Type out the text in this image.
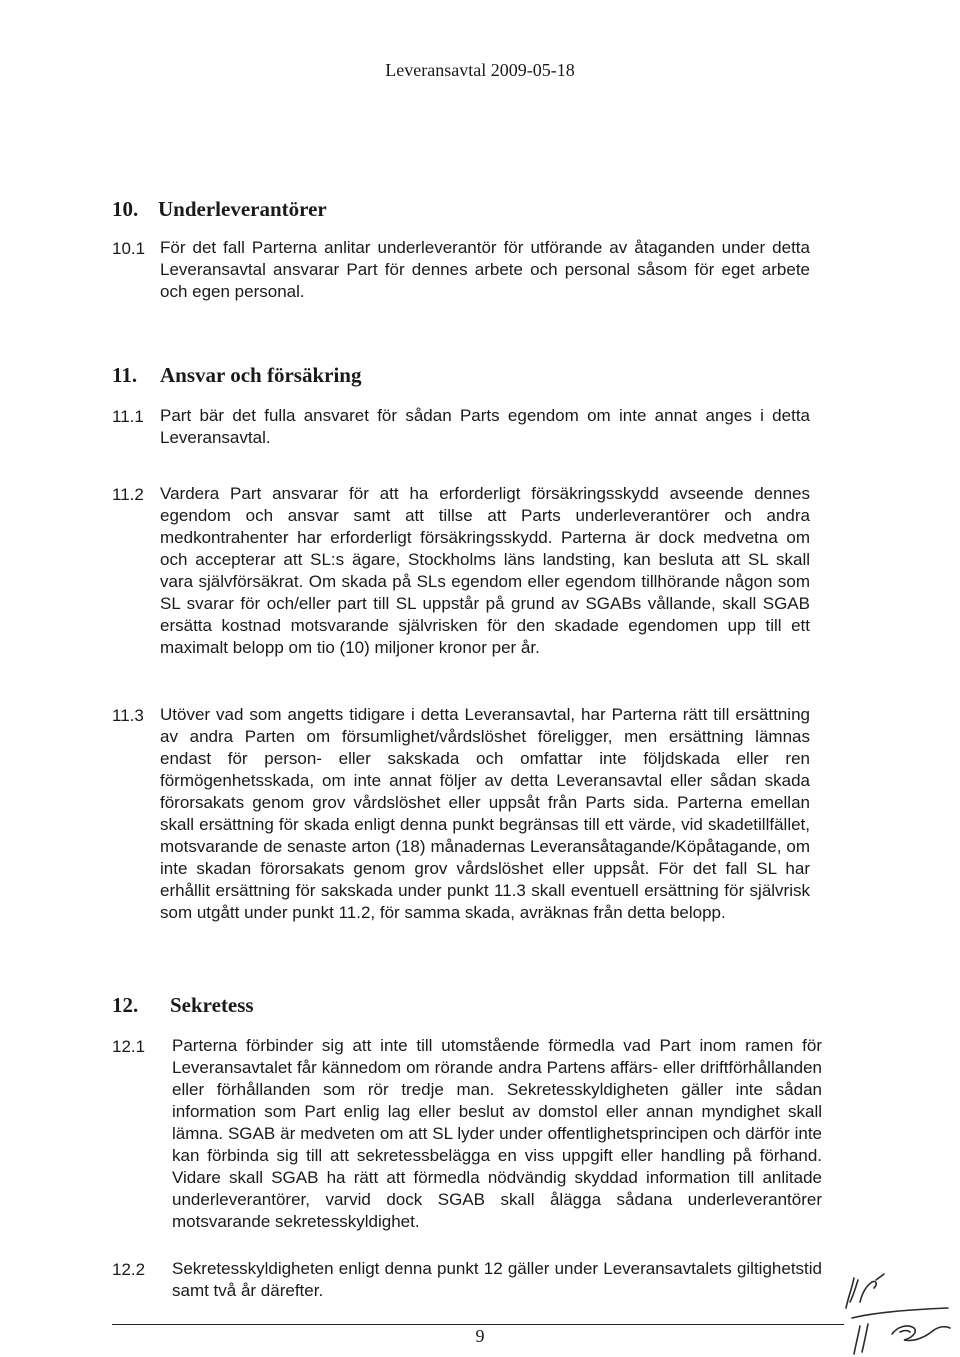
Leveransavtal 2009-05-18
10. Underleverantörer
10.1 För det fall Parterna anlitar underleverantör för utförande av åtaganden under detta Leveransavtal ansvarar Part för dennes arbete och personal såsom för eget arbete och egen personal.
11. Ansvar och försäkring
11.1 Part bär det fulla ansvaret för sådan Parts egendom om inte annat anges i detta Leveransavtal.
11.2 Vardera Part ansvarar för att ha erforderligt försäkringsskydd avseende dennes egendom och ansvar samt att tillse att Parts underleverantörer och andra medkontrahenter har erforderligt försäkringsskydd. Parterna är dock medvetna om och accepterar att SL:s ägare, Stockholms läns landsting, kan besluta att SL skall vara självförsäkrat. Om skada på SLs egendom eller egendom tillhörande någon som SL svarar för och/eller part till SL uppstår på grund av SGABs vållande, skall SGAB ersätta kostnad motsvarande självrisken för den skadade egendomen upp till ett maximalt belopp om tio (10) miljoner kronor per år.
11.3 Utöver vad som angetts tidigare i detta Leveransavtal, har Parterna rätt till ersättning av andra Parten om försumlighet/vårdslöshet föreligger, men ersättning lämnas endast för person- eller sakskada och omfattar inte följdskada eller ren förmögenhetsskada, om inte annat följer av detta Leveransavtal eller sådan skada förorsakats genom grov vårdslöshet eller uppsåt från Parts sida. Parterna emellan skall ersättning för skada enligt denna punkt begränsas till ett värde, vid skadetillfället, motsvarande de senaste arton (18) månadernas Leveransåtagande/Köpåtagande, om inte skadan förorsakats genom grov vårdslöshet eller uppsåt. För det fall SL har erhållit ersättning för sakskada under punkt 11.3 skall eventuell ersättning för självrisk som utgått under punkt 11.2, för samma skada, avräknas från detta belopp.
12. Sekretess
12.1 Parterna förbinder sig att inte till utomstående förmedla vad Part inom ramen för Leveransavtalet får kännedom om rörande andra Partens affärs- eller driftförhållanden eller förhållanden som rör tredje man. Sekretesskyldigheten gäller inte sådan information som Part enlig lag eller beslut av domstol eller annan myndighet skall lämna. SGAB är medveten om att SL lyder under offentlighetsprincipen och därför inte kan förbinda sig till att sekretessbelägga en viss uppgift eller handling på förhand. Vidare skall SGAB ha rätt att förmedla nödvändig skyddad information till anlitade underleverantörer, varvid dock SGAB skall ålägga sådana underleverantörer motsvarande sekretesskyldighet.
12.2 Sekretesskyldigheten enligt denna punkt 12 gäller under Leveransavtalets giltighetstid samt två år därefter.
9
